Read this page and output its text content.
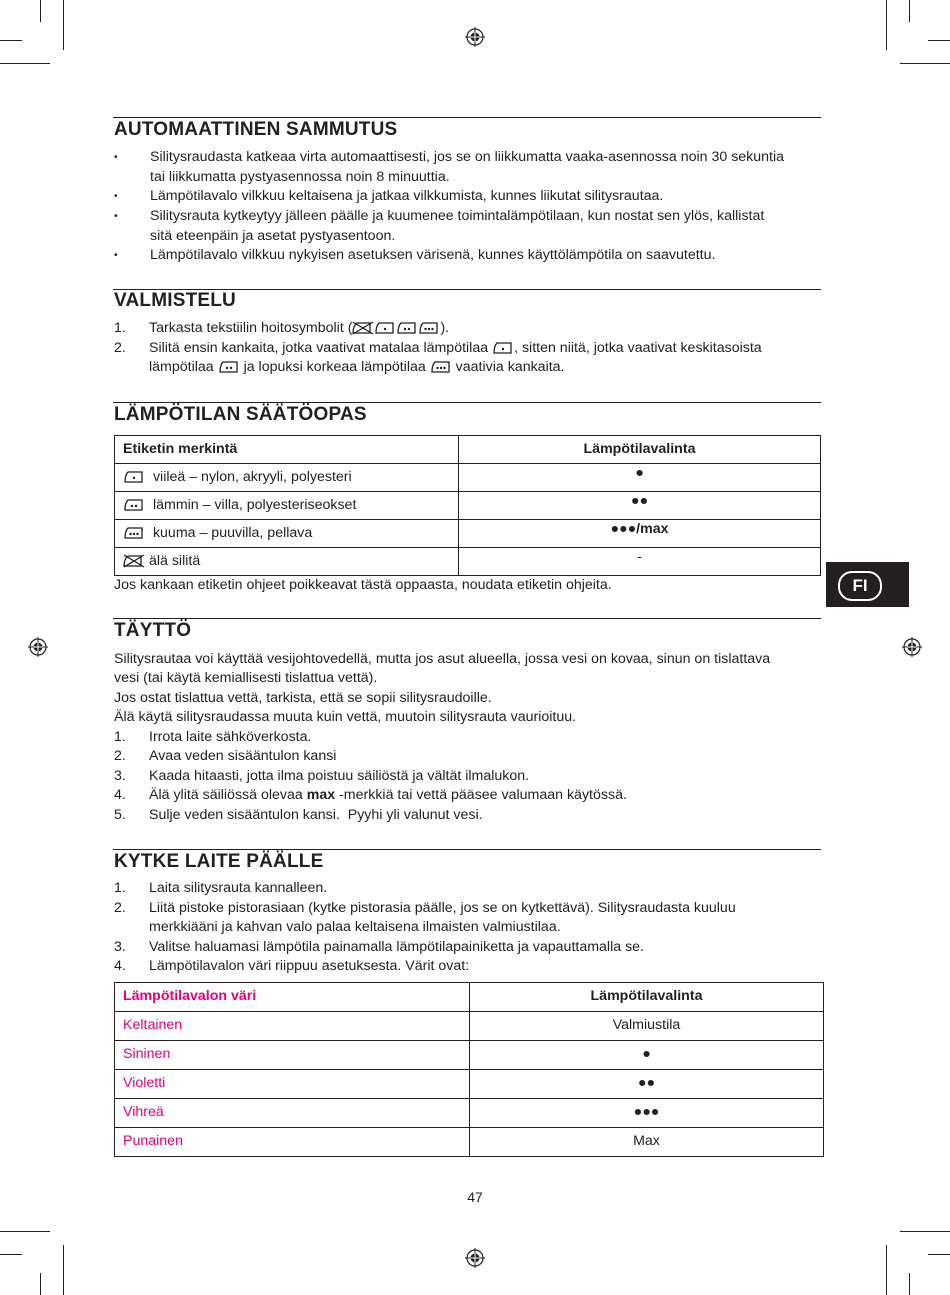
AUTOMAATTINEN SAMMUTUS
• Silitysraudasta katkeaa virta automaattisesti, jos se on liikkumatta vaaka-asennossa noin 30 sekuntia
tai liikkumatta pystyasennossa noin 8 minuuttia.
• Lämpötilavalo vilkkuu keltaisena ja jatkaa vilkkumista, kunnes liikutat silitysrautaa.
• Silitysrauta kytkeytyy jälleen päälle ja kuumenee toimintalämpötilaan, kun nostat sen ylös, kallistat
sitä eteenpäin ja asetat pystyasentoon.
• Lämpötilavalo vilkkuu nykyisen asetuksen värisenä, kunnes käyttölämpötila on saavutettu.
VALMISTELU
1. Tarkasta tekstiilin hoitosymbolit (	).
2. Silitä ensin kankaita, jotka vaativat matalaa lämpötilaa , sitten niitä, jotka vaativat keskitasoista
lämpötilaa ja lopuksi korkeaa lämpötilaa vaativia kankaita.
LÄMPÖTILAN SÄÄTÖOPAS
Etiketin merkintä	Lämpötilavalinta
viileä – nylon, akryyli, polyesteri	●
lämmin – villa, polyesteriseokset	●●
kuuma – puuvilla, pellava	●●●/max
älä silitä	-
Jos kankaan etiketin ohjeet poikkeavat tästä oppaasta, noudata etiketin ohjeita.	FI
TÄYTTÖ
Silitysrautaa voi käyttää vesijohtovedellä, mutta jos asut alueella, jossa vesi on kovaa, sinun on tislattava
vesi (tai käytä kemiallisesti tislattua vettä).
Jos ostat tislattua vettä, tarkista, että se sopii silitysraudoille.
Älä käytä silitysraudassa muuta kuin vettä, muutoin silitysrauta vaurioituu.
1. Irrota laite sähköverkosta.
2. Avaa veden sisääntulon kansi
3. Kaada hitaasti, jotta ilma poistuu säiliöstä ja vältät ilmalukon.
4. Älä ylitä säiliössä olevaa max -merkkiä tai vettä pääsee valumaan käytössä.
5. Sulje veden sisääntulon kansi.  Pyyhi yli valunut vesi.
KYTKE LAITE PÄÄLLE
1. Laita silitysrauta kannalleen.
2. Liitä pistoke pistorasiaan (kytke pistorasia päälle, jos se on kytkettävä). Silitysraudasta kuuluu
merkkiääni ja kahvan valo palaa keltaisena ilmaisten valmiustilaa.
3. Valitse haluamasi lämpötila painamalla lämpötilapainiketta ja vapauttamalla se.
4. Lämpötilavalon väri riippuu asetuksesta. Värit ovat:
Lämpötilavalon väri	Lämpötilavalinta
Keltainen	Valmiustila
Sininen	●
Violetti	●●
Vihreä	●●●
Punainen	Max
47
